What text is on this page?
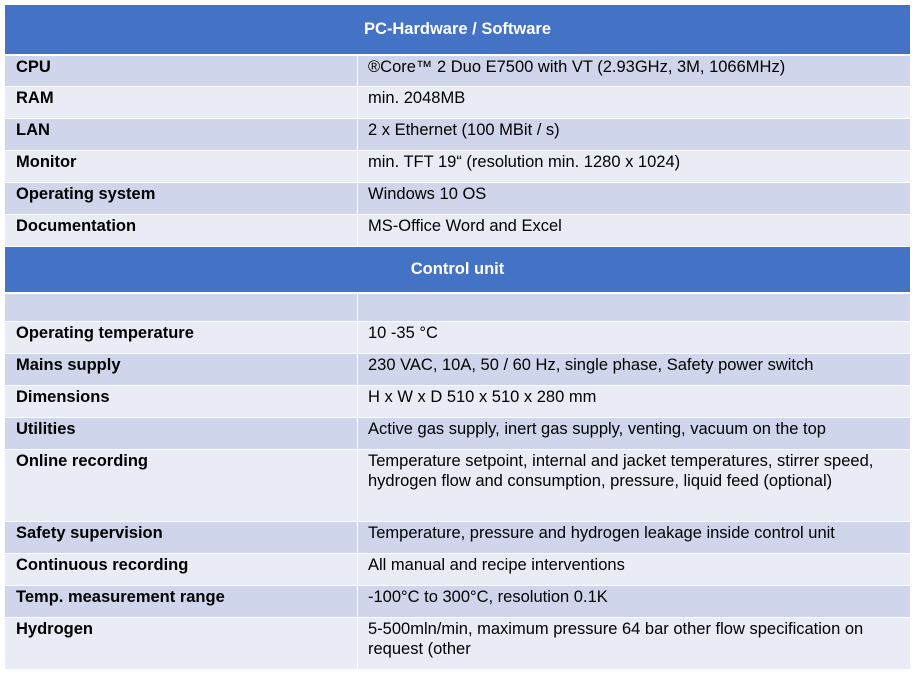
PC-Hardware / Software	
CPU	®Core™ 2 Duo E7500 with VT (2.93GHz, 3M, 1066MHz)
RAM	min. 2048MB
LAN	2 x Ethernet (100 MBit / s)
Monitor	min. TFT 19“ (resolution min. 1280 x 1024)
Operating system	Windows 10 OS
Documentation	MS-Office Word and Excel
Control unit	

Operating temperature	10 -35 °C
Mains supply	230 VAC, 10A, 50 / 60 Hz, single phase, Safety power switch
Dimensions	H x W x D 510 x 510 x 280 mm
Utilities	Active gas supply, inert gas supply, venting, vacuum on the top
Online recording	Temperature setpoint, internal and jacket temperatures, stirrer speed, hydrogen flow and consumption, pressure, liquid feed (optional)
Safety supervision	Temperature, pressure and hydrogen leakage inside control unit
Continuous recording	All manual and recipe interventions
Temp. measurement range	-100°C to 300°C, resolution 0.1K
Hydrogen	5-500mln/min, maximum pressure 64 bar other flow specification on request (other
